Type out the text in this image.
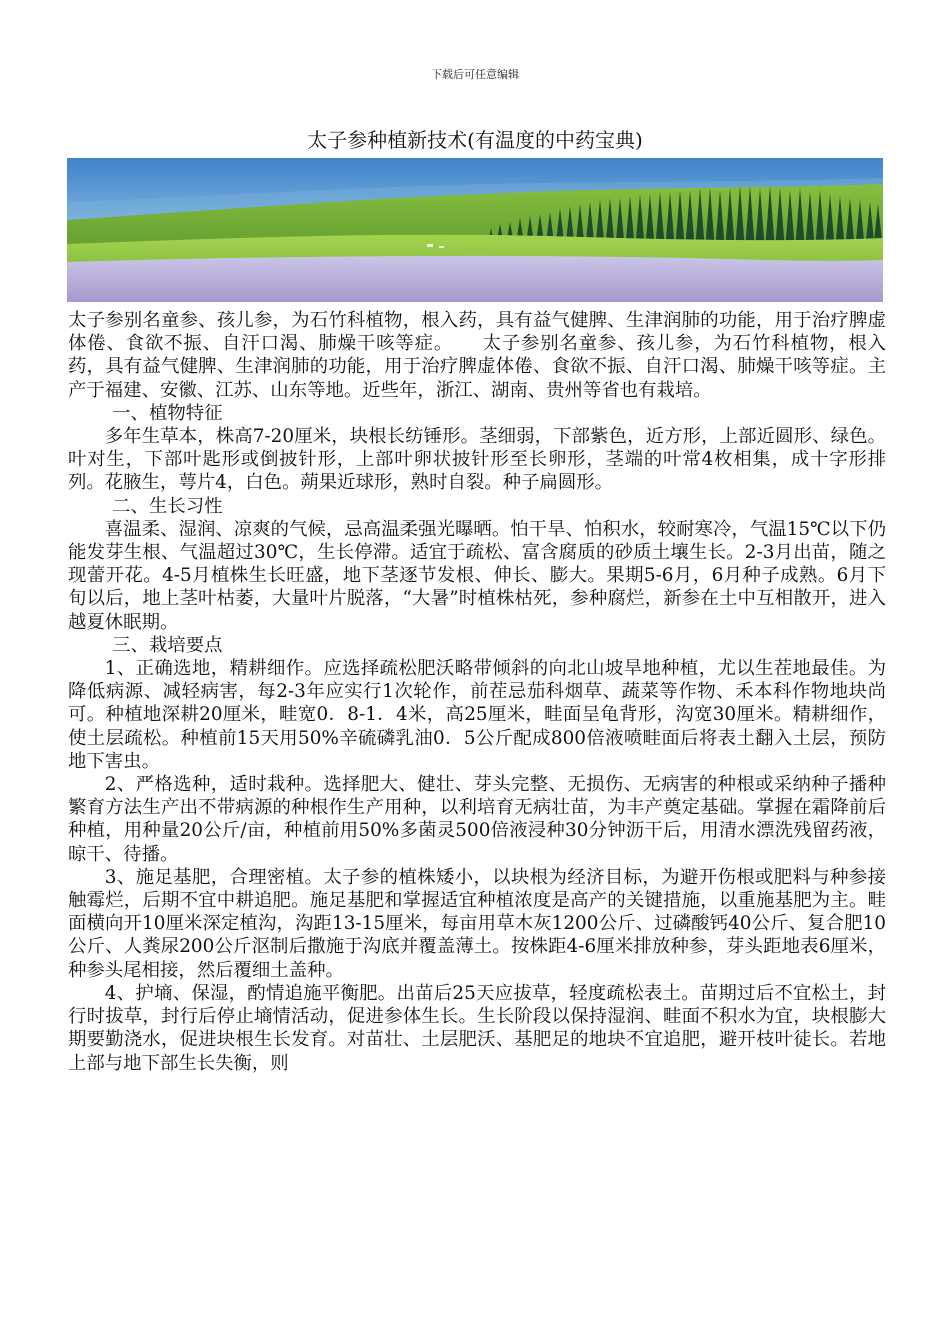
下载后可任意编辑
太子参种植新技术(有温度的中药宝典)

太子参别名童参、孩儿参，为石竹科植物，根入药，具有益气健脾、生津润肺的功能，用于治疗脾虚体倦、食欲不振、自汗口渴、肺燥干咳等症。　　太子参别名童参、孩儿参，为石竹科植物，根入药，具有益气健脾、生津润肺的功能，用于治疗脾虚体倦、食欲不振、自汗口渴、肺燥干咳等症。主产于福建、安徽、江苏、山东等地。近些年，浙江、湖南、贵州等省也有栽培。

一、植物特征

多年生草本，株高7-20厘米，块根长纺锤形。茎细弱，下部紫色，近方形，上部近圆形、绿色。叶对生，下部叶匙形或倒披针形，上部叶卵状披针形至长卵形，茎端的叶常4枚相集，成十字形排列。花腋生，萼片4，白色。蒴果近球形，熟时自裂。种子扁圆形。

二、生长习性

喜温柔、湿润、凉爽的气候，忌高温柔强光曝晒。怕干旱、怕积水，较耐寒冷，气温15℃以下仍能发芽生根、气温超过30℃，生长停滞。适宜于疏松、富含腐质的砂质土壤生长。2-3月出苗，随之现蕾开花。4-5月植株生长旺盛，地下茎逐节发根、伸长、膨大。果期5-6月，6月种子成熟。6月下旬以后，地上茎叶枯萎，大量叶片脱落，“大暑”时植株枯死，参种腐烂，新参在土中互相散开，进入越夏休眠期。

三、栽培要点

1、正确选地，精耕细作。应选择疏松肥沃略带倾斜的向北山坡旱地种植，尤以生茬地最佳。为降低病源、减轻病害，每2-3年应实行1次轮作，前茬忌茄科烟草、蔬菜等作物、禾本科作物地块尚可。种植地深耕20厘米，畦宽0．8-1．4米，高25厘米，畦面呈龟背形，沟宽30厘米。精耕细作，使土层疏松。种植前15天用50%辛硫磷乳油0．5公斤配成800倍液喷畦面后将表土翻入土层，预防地下害虫。

2、严格选种，适时栽种。选择肥大、健壮、芽头完整、无损伤、无病害的种根或采纳种子播种繁育方法生产出不带病源的种根作生产用种，以利培育无病壮苗，为丰产奠定基础。掌握在霜降前后种植，用种量20公斤/亩，种植前用50%多菌灵500倍液浸种30分钟沥干后，用清水漂洗残留药液，晾干、待播。

3、施足基肥，合理密植。太子参的植株矮小，以块根为经济目标，为避开伤根或肥料与种参接触霉烂，后期不宜中耕追肥。施足基肥和掌握适宜种植浓度是高产的关键措施，以重施基肥为主。畦面横向开10厘米深定植沟，沟距13-15厘米，每亩用草木灰1200公斤、过磷酸钙40公斤、复合肥10公斤、人粪尿200公斤沤制后撒施于沟底并覆盖薄土。按株距4-6厘米排放种参，芽头距地表6厘米，种参头尾相接，然后覆细土盖种。

4、护墒、保湿，酌情追施平衡肥。出苗后25天应拔草，轻度疏松表土。苗期过后不宜松土，封行时拔草，封行后停止墒情活动，促进参体生长。生长阶段以保持湿润、畦面不积水为宜，块根膨大期要勤浇水，促进块根生长发育。对苗壮、土层肥沃、基肥足的地块不宜追肥，避开枝叶徒长。若地上部与地下部生长失衡，则
